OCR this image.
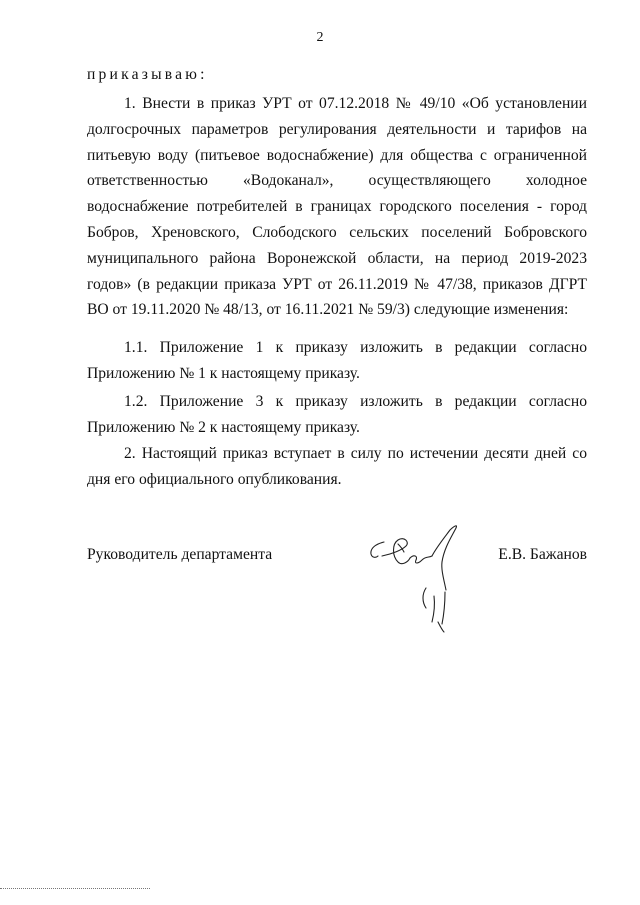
2
приказываю:
1. Внести в приказ УРТ от 07.12.2018 № 49/10 «Об установлении долгосрочных параметров регулирования деятельности и тарифов на питьевую воду (питьевое водоснабжение) для общества с ограниченной ответственностью «Водоканал», осуществляющего холодное водоснабжение потребителей в границах городского поселения - город Бобров, Хреновского, Слободского сельских поселений Бобровского муниципального района Воронежской области, на период 2019-2023 годов» (в редакции приказа УРТ от 26.11.2019 № 47/38, приказов ДГРТ ВО от 19.11.2020 № 48/13, от 16.11.2021 № 59/3) следующие изменения:
1.1. Приложение 1 к приказу изложить в редакции согласно Приложению № 1 к настоящему приказу.
1.2. Приложение 3 к приказу изложить в редакции согласно Приложению № 2 к настоящему приказу.
2. Настоящий приказ вступает в силу по истечении десяти дней со дня его официального опубликования.
Руководитель департамента	Е.В. Бажанов
